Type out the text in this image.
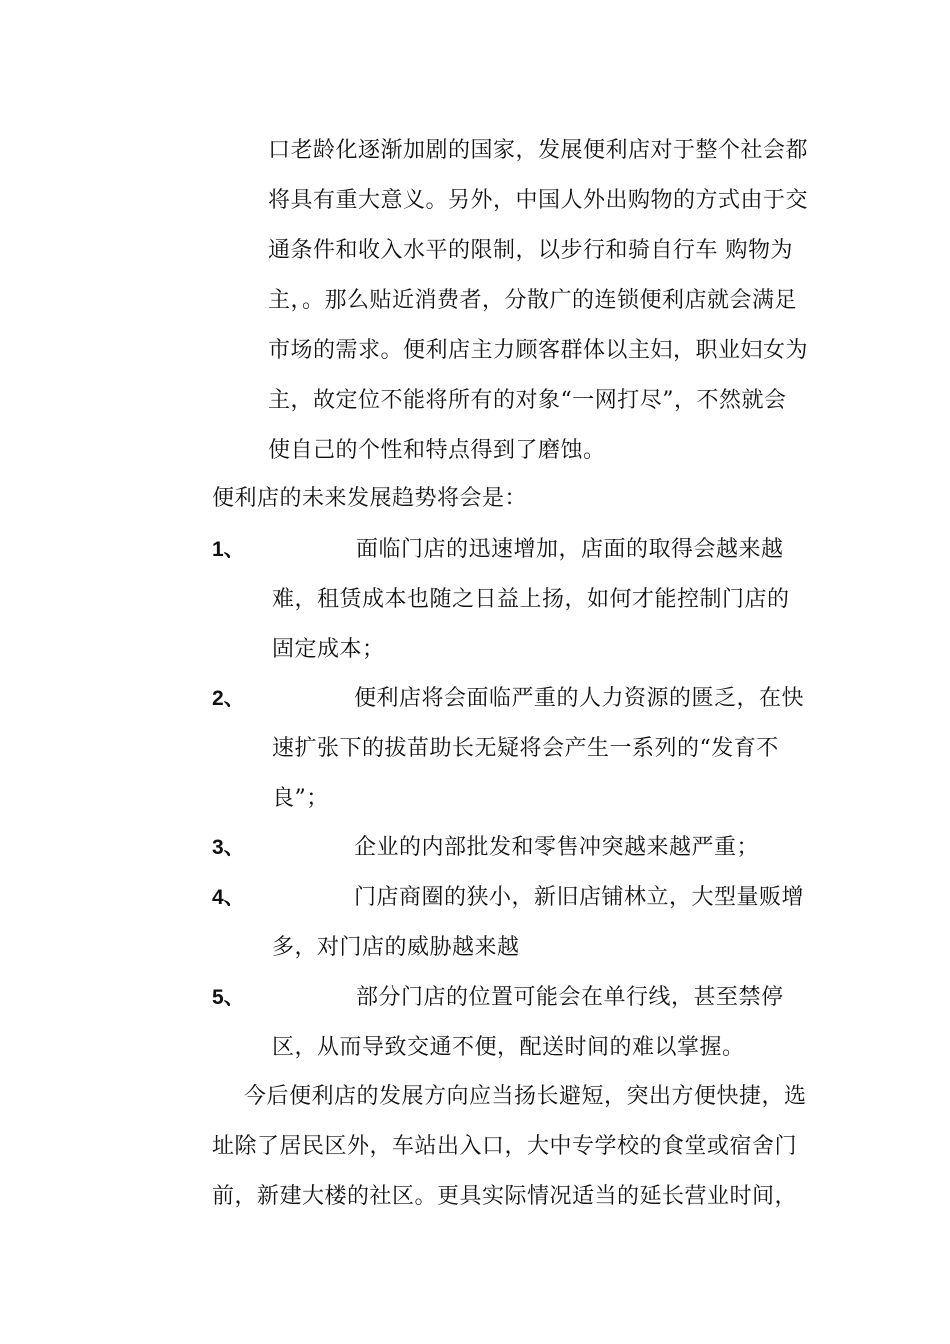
口老龄化逐渐加剧的国家，发展便利店对于整个社会都
将具有重大意义。另外，中国人外出购物的方式由于交
通条件和收入水平的限制，以步行和骑自行车 购物为
主，。那么贴近消费者，分散广的连锁便利店就会满足
市场的需求。便利店主力顾客群体以主妇，职业妇女为
主，故定位不能将所有的对象“一网打尽”，不然就会
使自己的个性和特点得到了磨蚀。
便利店的未来发展趋势将会是：
1、	面临门店的迅速增加，店面的取得会越来越
难，租赁成本也随之日益上扬，如何才能控制门店的
固定成本；
2、	便利店将会面临严重的人力资源的匮乏，在快
速扩张下的拔苗助长无疑将会产生一系列的“发育不
良”；
3、	企业的内部批发和零售冲突越来越严重；
4、	门店商圈的狭小，新旧店铺林立，大型量贩增
多，对门店的威胁越来越
5、	部分门店的位置可能会在单行线，甚至禁停
区，从而导致交通不便，配送时间的难以掌握。
今后便利店的发展方向应当扬长避短，突出方便快捷，选
址除了居民区外，车站出入口，大中专学校的食堂或宿舍门
前，新建大楼的社区。更具实际情况适当的延长营业时间，
